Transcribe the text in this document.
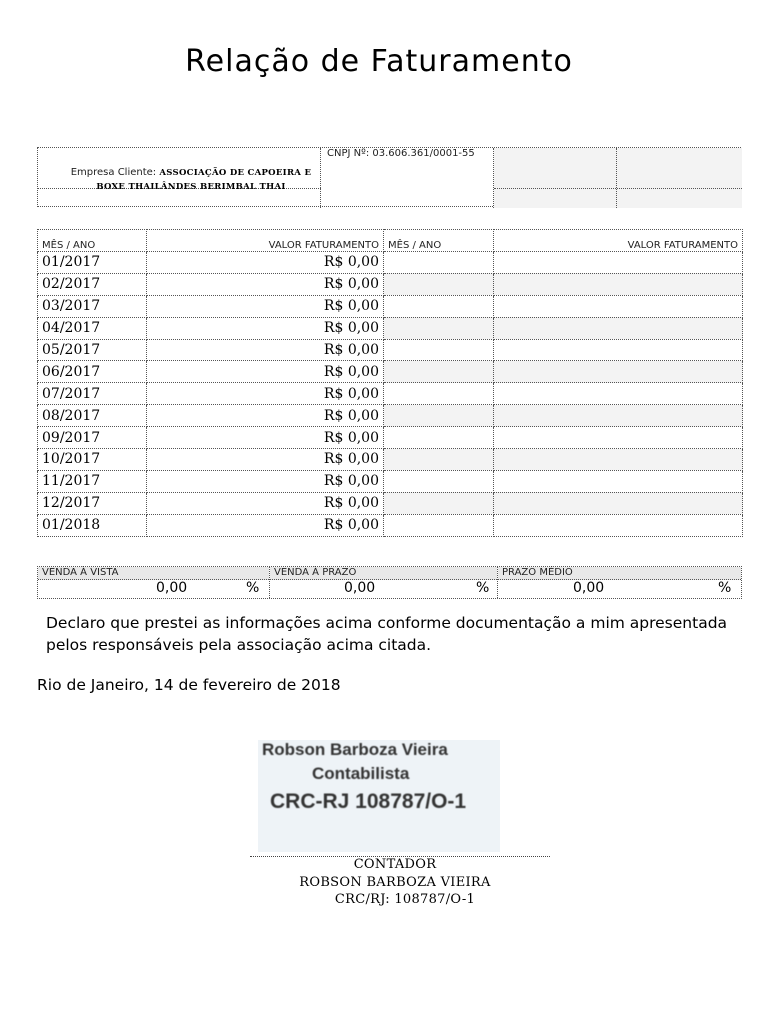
Relação de Faturamento
Empresa Cliente: ASSOCIAÇÃO DE CAPOEIRA E BOXE THAILÂNDES BERIMBAL THAI
CNPJ Nº: 03.606.361/0001-55
MÊS / ANO	VALOR FATURAMENTO	MÊS / ANO	VALOR FATURAMENTO
01/2017	R$ 0,00		
02/2017	R$ 0,00		
03/2017	R$ 0,00		
04/2017	R$ 0,00		
05/2017	R$ 0,00		
06/2017	R$ 0,00		
07/2017	R$ 0,00		
08/2017	R$ 0,00		
09/2017	R$ 0,00		
10/2017	R$ 0,00		
11/2017	R$ 0,00		
12/2017	R$ 0,00		
01/2018	R$ 0,00		
VENDA À VISTA
0,00	%
VENDA À PRAZO
0,00	%
PRAZO MÉDIO
0,00	%
Declaro que prestei as informações acima conforme documentação a mim apresentada pelos responsáveis pela associação acima citada.
Rio de Janeiro, 14 de fevereiro de 2018
Robson Barboza Vieira
Contabilista
CRC-RJ 108787/O-1
CONTADOR
ROBSON BARBOZA VIEIRA
CRC/RJ: 108787/O-1
